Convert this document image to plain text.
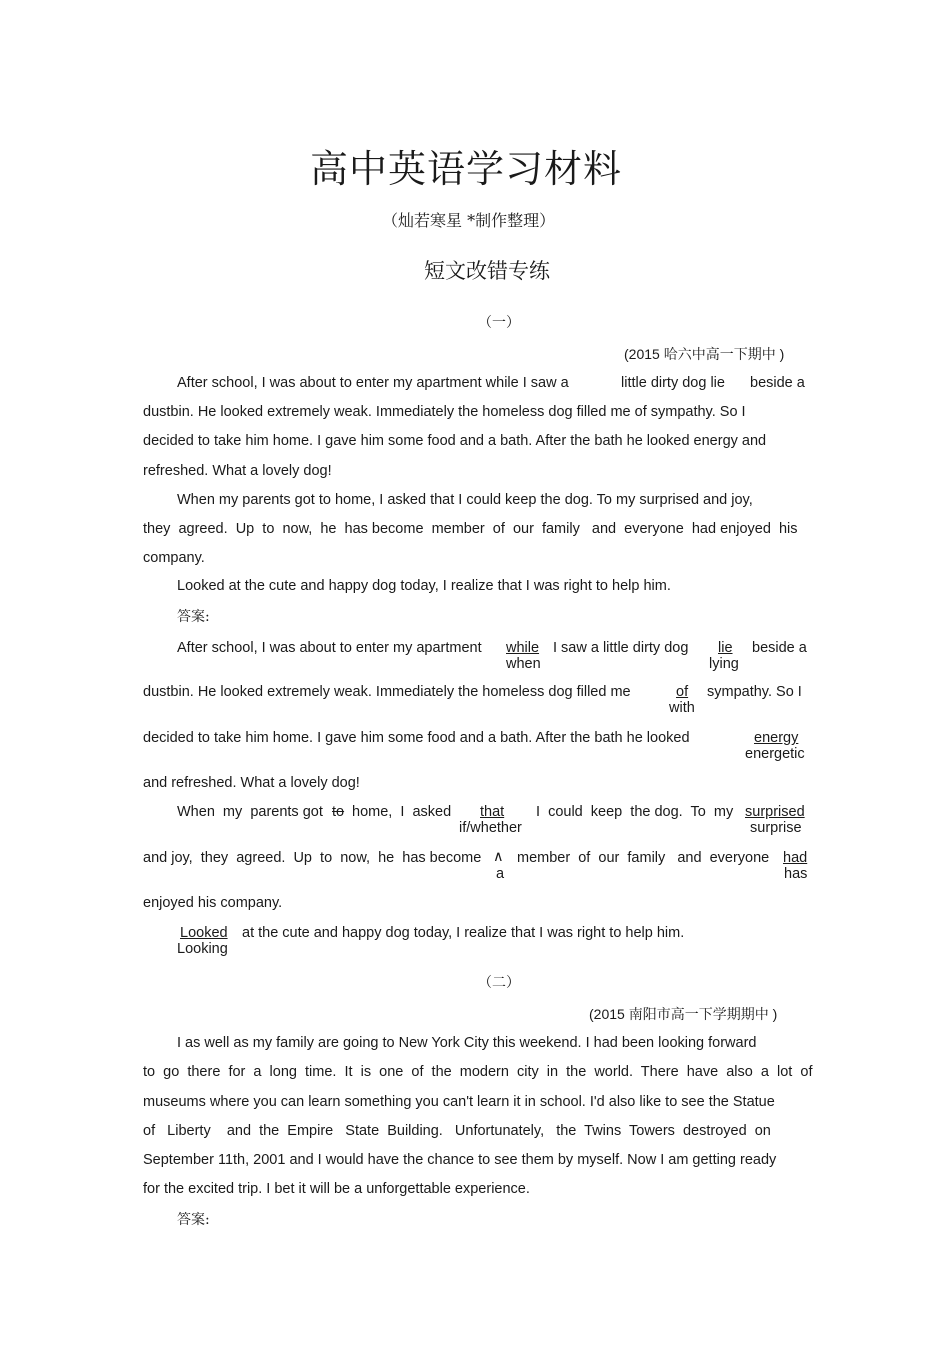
高中英语学习材料
（灿若寒星 *制作整理）
短文改错专练
（一）
(2015 哈六中高一下期中 )
After school, I was about to enter my apartment while I saw a	little dirty dog lie beside a
dustbin. He looked extremely weak. Immediately the homeless dog filled me of sympathy. So I
decided to take him home. I gave him some food and a bath. After the bath he looked energy and
refreshed. What a lovely dog!
When my parents got to home, I asked that I could keep the dog. To my surprised and joy,
they  agreed.  Up  to  now,  he  has become  member  of  our  family   and  everyone  had enjoyed  his
company.
Looked at the cute and happy dog today, I realize that I was right to help him.
答案:
After school, I was about to enter my apartment while
when
I saw a little dirty dog lie
lying
beside a
dustbin. He looked extremely weak. Immediately the homeless dog filled me	of
with
sympathy. So I
decided to take him home. I gave him some food and a bath. After the bath he looked	energy
energetic
and refreshed. What a lovely dog!
When  my  parents got to home,  I  asked that
if/whether
I  could  keep  the dog.  To  my surprised
surprise
and joy,  they  agreed.  Up  to  now,  he  has become ∧
a
member  of  our  family   and  everyone had
has
enjoyed his company.
Looked
Looking
at the cute and happy dog today, I realize that I was right to help him.
（二）
(2015 南阳市高一下学期期中 )
I as well as my family are going to New York City this weekend. I had been looking forward
to  go  there  for  a  long  time.  It  is  one  of  the  modern  city  in  the  world.  There  have  also  a  lot  of
museums where you can learn something you can't learn it in school. I'd also like to see the Statue
of   Liberty    and  the  Empire   State  Building.   Unfortunately,   the  Twins  Towers  destroyed  on
September 11th, 2001 and I would have the chance to see them by myself. Now I am getting ready
for the excited trip. I bet it will be a unforgettable experience.
答案:
